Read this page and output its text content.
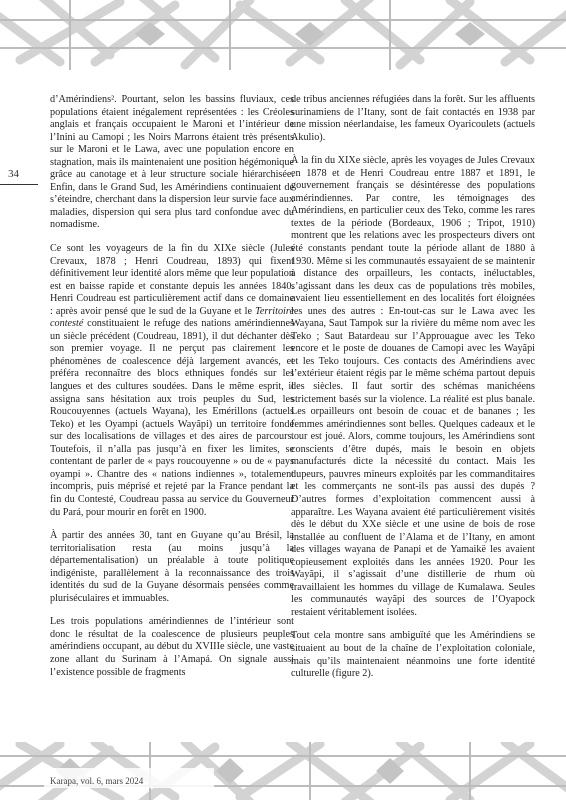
34

d’Amérindiens². Pourtant, selon les bassins fluviaux, ces populations étaient inégalement représentées : les Créoles anglais et français occupaient le Maroni et l’intérieur de l’Inini au Camopi ; les Noirs Marrons étaient très présents sur le Maroni et le Lawa, avec une population encore en stagnation, mais ils maintenaient une position hégémonique grâce au canotage et à leur structure sociale hiérarchisée. Enfin, dans le Grand Sud, les Amérindiens continuaient de s’éteindre, cherchant dans la dispersion leur survie face aux maladies, dispersion qui sera plus tard confondue avec du nomadisme.

Ce sont les voyageurs de la fin du XIXe siècle (Jules Crevaux, 1878 ; Henri Coudreau, 1893) qui fixent définitivement leur identité alors même que leur population est en baisse rapide et constante depuis les années 1840. Henri Coudreau est particulièrement actif dans ce domaine : après avoir pensé que le sud de la Guyane et le Territoire contesté constituaient le refuge des nations amérindiennes un siècle précédent (Coudreau, 1891), il dut déchanter dès son premier voyage. Il ne perçut pas clairement les phénomènes de coalescence déjà largement avancés, et préféra reconnaître des blocs ethniques fondés sur les langues et des cultures soudées. Dans le même esprit, il assigna sans hésitation aux trois peuples du Sud, les Roucouyennes (actuels Wayana), les Emérillons (actuels Teko) et les Oyampi (actuels Wayãpi) un territoire fondé sur des localisations de villages et des aires de parcours. Toutefois, il n’alla pas jusqu’à en fixer les limites, se contentant de parler de « pays roucouyenne » ou de « pays oyampi ». Chantre des « nations indiennes », totalement incompris, puis méprisé et rejeté par la France pendant la fin du Contesté, Coudreau passa au service du Gouverneur du Pará, pour mourir en forêt en 1900.

À partir des années 30, tant en Guyane qu’au Brésil, la territorialisation resta (au moins jusqu’à la départementalisation) un préalable à toute politique indigéniste, parallèlement à la reconnaissance des trois identités du sud de la Guyane désormais pensées comme pluriséculaires et immuables.

Les trois populations amérindiennes de l’intérieur sont donc le résultat de la coalescence de plusieurs peuples amérindiens occupant, au début du XVIIIe siècle, une vaste zone allant du Surinam à l’Amapá. On signale aussi l’existence possible de fragments

de tribus anciennes réfugiées dans la forêt. Sur les affluents surinamiens de l’Itany, sont de fait contactés en 1938 par une mission néerlandaise, les fameux Oyaricoulets (actuels Akulio).

À la fin du XIXe siècle, après les voyages de Jules Crevaux en 1878 et de Henri Coudreau entre 1887 et 1891, le gouvernement français se désintéresse des populations amérindiennes. Par contre, les témoignages des Amérindiens, en particulier ceux des Teko, comme les rares textes de la période (Bordeaux, 1906 ; Tripot, 1910) montrent que les relations avec les prospecteurs divers ont été constants pendant toute la période allant de 1880 à 1930. Même si les communautés essayaient de se maintenir à distance des orpailleurs, les contacts, inéluctables, s’agissant dans les deux cas de populations très mobiles, avaient lieu essentiellement en des localités fort éloignées les unes des autres : En-tout-cas sur le Lawa avec les Wayana, Saut Tampok sur la rivière du même nom avec les Teko ; Saut Batardeau sur l’Approuague avec les Teko encore et le poste de douanes de Camopi avec les Wayãpi et les Teko toujours. Ces contacts des Amérindiens avec l’extérieur étaient régis par le même schéma partout depuis des siècles. Il faut sortir des schémas manichéens strictement basés sur la violence. La réalité est plus banale. Les orpailleurs ont besoin de couac et de bananes ; les femmes amérindiennes sont belles. Quelques cadeaux et le tour est joué. Alors, comme toujours, les Amérindiens sont conscients d’être dupés, mais le besoin en objets manufacturés dicte la nécessité du contact. Mais les dupeurs, pauvres mineurs exploités par les commanditaires et les commerçants ne sont-ils pas aussi des dupés ? D’autres formes d’exploitation commencent aussi à apparaître. Les Wayana avaient été particulièrement visités dès le début du XXe siècle et une usine de bois de rose installée au confluent de l’Alama et de l’Itany, en amont des villages wayana de Panapi et de Yamaikë les avaient copieusement exploités dans les années 1920. Pour les Wayãpi, il s’agissait d’une distillerie de rhum où travaillaient les hommes du village de Kumalawa. Seules les communautés wayãpi des sources de l’Oyapock restaient véritablement isolées.

Tout cela montre sans ambiguïté que les Amérindiens se situaient au bout de la chaîne de l’exploitation coloniale, mais qu’ils maintenaient néanmoins une forte identité culturelle (figure 2).

Karapa, vol. 6, mars 2024
